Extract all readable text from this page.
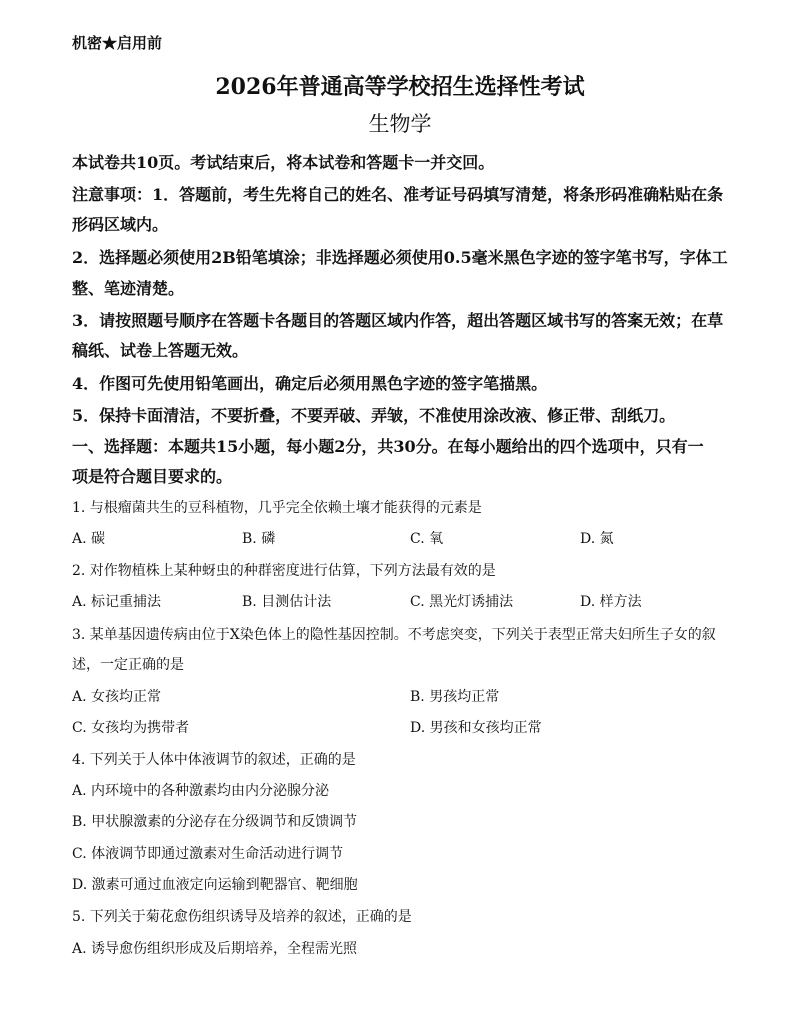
机密★启用前
2026年普通高等学校招生选择性考试
生物学
本试卷共10页。考试结束后，将本试卷和答题卡一并交回。
注意事项：1．答题前，考生先将自己的姓名、准考证号码填写清楚，将条形码准确粘贴在条
形码区域内。
2．选择题必须使用2B铅笔填涂；非选择题必须使用0.5毫米黑色字迹的签字笔书写，字体工
整、笔迹清楚。
3．请按照题号顺序在答题卡各题目的答题区域内作答，超出答题区域书写的答案无效；在草
稿纸、试卷上答题无效。
4．作图可先使用铅笔画出，确定后必须用黑色字迹的签字笔描黑。
5．保持卡面清洁，不要折叠，不要弄破、弄皱，不准使用涂改液、修正带、刮纸刀。
一、选择题：本题共15小题，每小题2分，共30分。在每小题给出的四个选项中，只有一
项是符合题目要求的。
1. 与根瘤菌共生的豆科植物，几乎完全依赖土壤才能获得的元素是
A. 碳	B. 磷	C. 氧	D. 氮
2. 对作物植株上某种蚜虫的种群密度进行估算，下列方法最有效的是
A. 标记重捕法	B. 目测估计法	C. 黑光灯诱捕法	D. 样方法
3. 某单基因遗传病由位于X染色体上的隐性基因控制。不考虑突变，下列关于表型正常夫妇所生子女的叙
述，一定正确的是
A. 女孩均正常	B. 男孩均正常
C. 女孩均为携带者	D. 男孩和女孩均正常
4. 下列关于人体中体液调节的叙述，正确的是
A. 内环境中的各种激素均由内分泌腺分泌
B. 甲状腺激素的分泌存在分级调节和反馈调节
C. 体液调节即通过激素对生命活动进行调节
D. 激素可通过血液定向运输到靶器官、靶细胞
5. 下列关于菊花愈伤组织诱导及培养的叙述，正确的是
A. 诱导愈伤组织形成及后期培养，全程需光照
